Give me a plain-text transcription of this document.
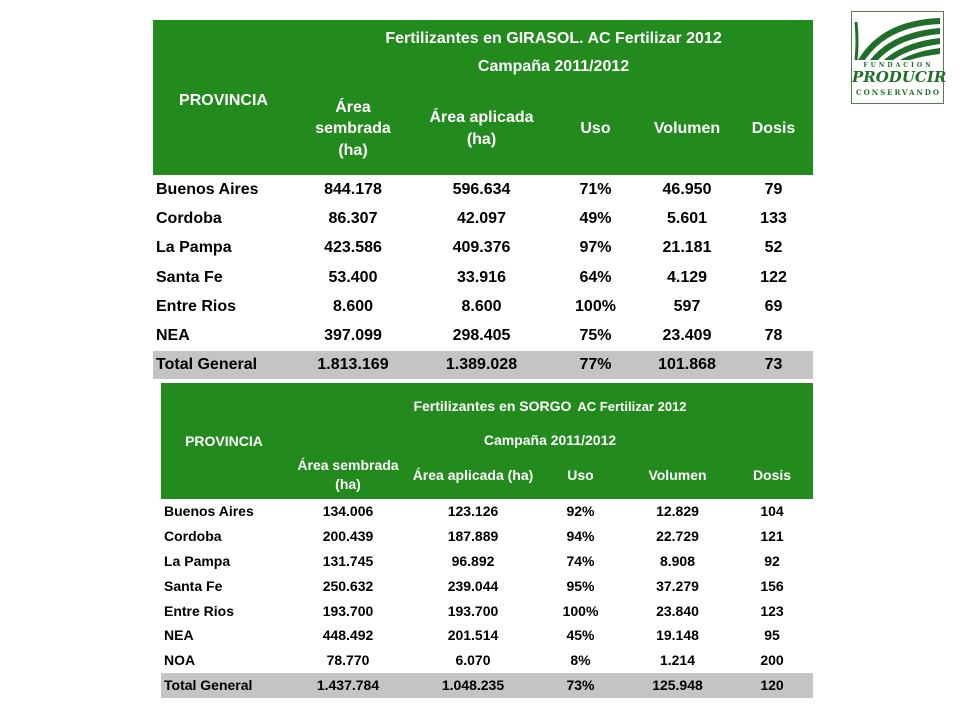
PROVINCIA	Fertilizantes en GIRASOL. AC Fertilizar 2012				
	Campaña 2011/2012				
	Área sembrada (ha)	Área aplicada (ha)	Uso	Volumen	Dosis
Buenos Aires	844.178	596.634	71%	46.950	79
Cordoba	86.307	42.097	49%	5.601	133
La Pampa	423.586	409.376	97%	21.181	52
Santa Fe	53.400	33.916	64%	4.129	122
Entre Rios	8.600	8.600	100%	597	69
NEA	397.099	298.405	75%	23.409	78
Total General	1.813.169	1.389.028	77%	101.868	73
PROVINCIA	Fertilizantes en SORGO AC Fertilizar 2012				
	Campaña 2011/2012				
	Área sembrada (ha)	Área aplicada (ha)	Uso	Volumen	Dosis
Buenos Aires	134.006	123.126	92%	12.829	104
Cordoba	200.439	187.889	94%	22.729	121
La Pampa	131.745	96.892	74%	8.908	92
Santa Fe	250.632	239.044	95%	37.279	156
Entre Rios	193.700	193.700	100%	23.840	123
NEA	448.492	201.514	45%	19.148	95
NOA	78.770	6.070	8%	1.214	200
Total General	1.437.784	1.048.235	73%	125.948	120
FUNDACION
PRODUCIR
CONSERVANDO
